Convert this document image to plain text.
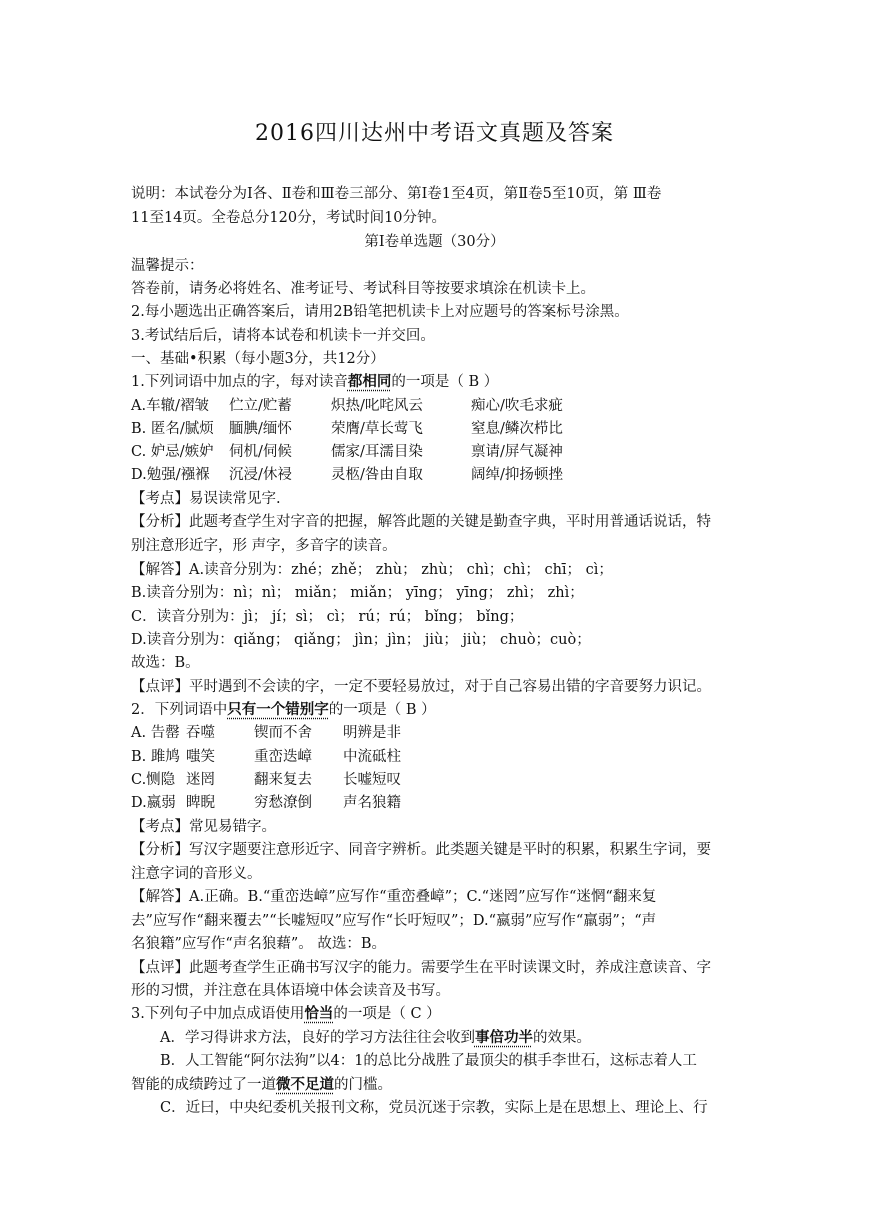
2016四川达州中考语文真题及答案
说明：本试卷分为Ⅰ各、Ⅱ卷和Ⅲ卷三部分、第Ⅰ卷1至4页，第Ⅱ卷5至10页，第 Ⅲ卷
11至14页。全卷总分120分，考试时间10分钟。
第Ⅰ卷单选题（30分）
温馨提示：
答卷前，请务必将姓名、准考证号、考试科目等按要求填涂在机读卡上。
2.每小题选出正确答案后，请用2B铅笔把机读卡上对应题号的答案标号涂黑。
3.考试结后后，请将本试卷和机读卡一并交回。
一、基础•积累（每小题3分，共12分）
1.下列词语中加点的字，每对读音都相同的一项是（ B ）
A.车辙/褶皱 伫立/贮蓄	炽热/叱咤风云	痴心/吹毛求疵
B. 匿名/腻烦 腼腆/缅怀	荣膺/草长莺飞	窒息/鳞次栉比
C. 妒忌/嫉妒 伺机/伺候	儒家/耳濡目染	禀请/屏气凝神
D.勉强/襁褓 沉浸/休祲	灵柩/咎由自取	阔绰/抑扬顿挫
【考点】易误读常见字.
【分析】此题考查学生对字音的把握，解答此题的关键是勤查字典，平时用普通话说话，特
别注意形近字，形 声字，多音字的读音。
【解答】A.读音分别为：zhé；zhě； zhù； zhù； chì；chì； chī； cì；
B.读音分别为：nì；nì； miǎn； miǎn； yīng； yīng； zhì； zhì；
C．读音分别为：jì； jí；sì； cì； rú；rú； bǐng； bǐng；
D.读音分别为：qiǎng； qiǎng； jìn；jìn； jiù； jiù； chuò；cuò；
故选：B。
【点评】平时遇到不会读的字，一定不要轻易放过，对于自己容易出错的字音要努力识记。
2．下列词语中只有一个错别字的一项是（ B ）
A. 告罄 吞噬	锲而不舍 明辨是非
B. 雎鸠 嗤笑	重峦迭嶂 中流砥柱
C.恻隐 迷罔	翻来复去 长嘘短叹
D.嬴弱 睥睨	穷愁潦倒 声名狼籍
【考点】常见易错字。
【分析】写汉字题要注意形近字、同音字辨析。此类题关键是平时的积累，积累生字词，要
注意字词的音形义。
【解答】A.正确。B.“重峦迭嶂”应写作“重峦叠嶂”；C.“迷罔”应写作“迷惘“翻来复
去”应写作“翻来覆去”“长嘘短叹”应写作“长吁短叹”；D.“嬴弱”应写作“羸弱”；“声
名狼籍”应写作“声名狼藉”。 故选：B。
【点评】此题考查学生正确书写汉字的能力。需要学生在平时读课文时，养成注意读音、字
形的习惯，并注意在具体语境中体会读音及书写。
3.下列句子中加点成语使用恰当的一项是（ C ）
A．学习得讲求方法，良好的学习方法往往会收到事倍功半的效果。
B．人工智能“阿尔法狗”以4：1的总比分战胜了最顶尖的棋手李世石，这标志着人工
智能的成绩跨过了一道微不足道的门槛。
C．近曰，中央纪委机关报刊文称，党员沉迷于宗教，实际上是在思想上、理论上、行
